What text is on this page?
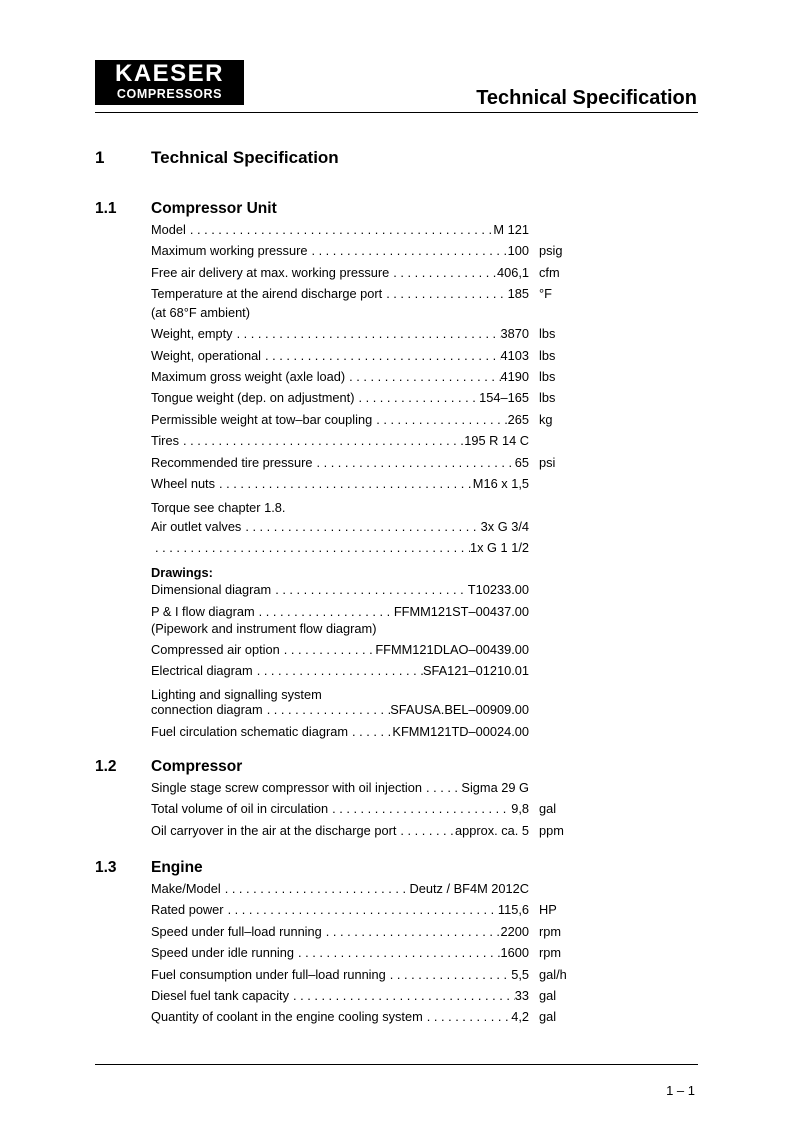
KAESER
COMPRESSORS	Technical Specification
1	Technical Specification
1.1 Compressor Unit
Model . . .	M 121
Maximum working pressure . . .	100 psig
Free air delivery at max. working pressure . . .	406,1 cfm
Temperature at the airend discharge port . . .	185 °F
(at 68°F ambient)
Weight, empty . . .	3870 lbs
Weight, operational . . .	4103 lbs
Maximum gross weight (axle load) . . .	4190 lbs
Tongue weight (dep. on adjustment) . . .	154–165 lbs
Permissible weight at tow–bar coupling . . .	265 kg
Tires . . .	195 R 14 C
Recommended tire pressure . . .	65 psi
Wheel nuts . . .	M16 x 1,5
Torque see chapter 1.8.
Air outlet valves . . .	3x G 3/4
. . .
1x G 1 1/2
Drawings:
Dimensional diagram . . .	T10233.00
P & I flow diagram . . .	FFMM121ST–00437.00
(Pipework and instrument flow diagram)
Compressed air option . . .	FFMM121DLAO–00439.00
Electrical diagram . . .	SFA121–01210.01
Lighting and signalling system
connection diagram . . .	SFAUSA.BEL–00909.00
Fuel circulation schematic diagram . . .	KFMM121TD–00024.00
1.2 Compressor
Single stage screw compressor with oil injection . . .	Sigma 29 G
Total volume of oil in circulation . . .	9,8 gal
Oil carryover in the air at the discharge port . . .	approx. ca. 5 ppm
1.3 Engine
Make/Model . . .	Deutz / BF4M 2012C
Rated power . . .	115,6 HP
Speed under full–load running . . .	2200 rpm
Speed under idle running . . .	1600 rpm
Fuel consumption under full–load running . . .	5,5 gal/h
Diesel fuel tank capacity . . .	33 gal
Quantity of coolant in the engine cooling system . . .	4,2 gal
1 – 1
